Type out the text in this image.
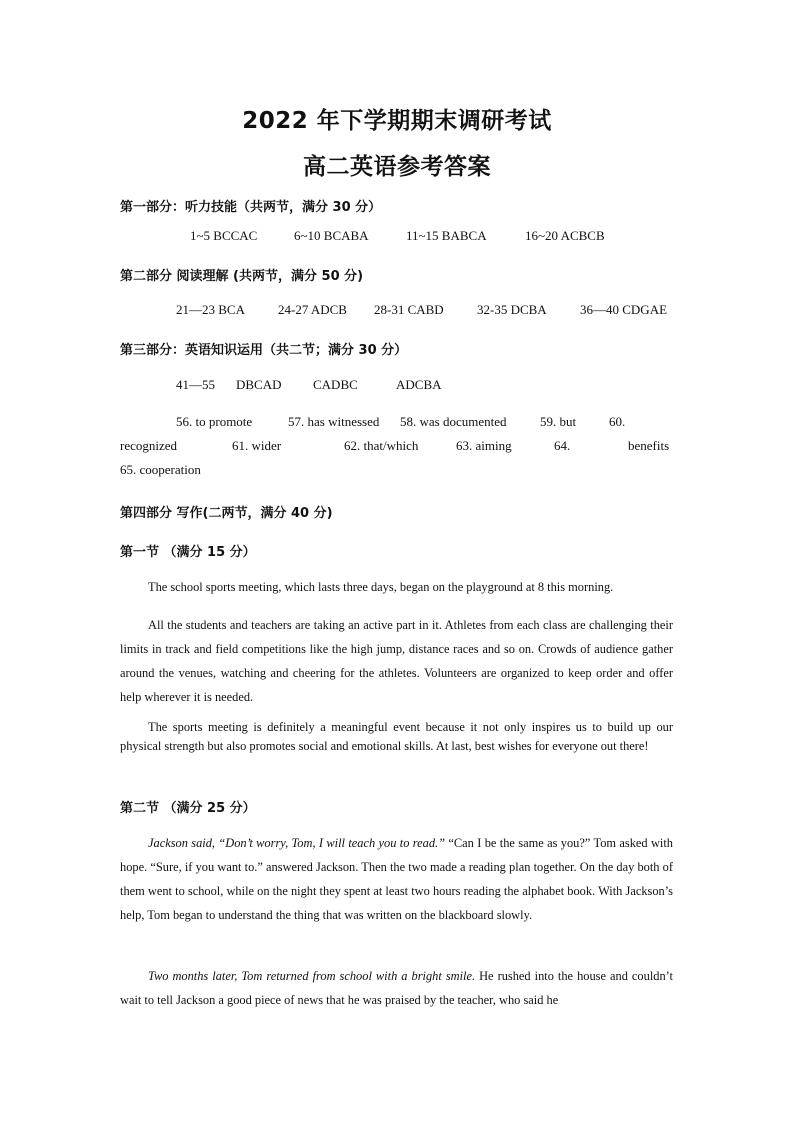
2022 年下学期期末调研考试
高二英语参考答案
第一部分：听力技能（共两节，满分 30 分）
1~5 BCCAC	6~10 BCABA	11~15 BABCA	16~20 ACBCB
第二部分 阅读理解 (共两节，满分 50 分)
21—23 BCA	24-27 ADCB 28-31 CABD	32-35 DCBA	36—40 CDGAE
第三部分：英语知识运用（共二节；满分 30 分）
41—55 DBCAD CADBC	ADCBA
56. to promote	57. has witnessed 58. was documented	59. but	60.
recognized	61. wider	62. that/which	63. aiming	64.	benefits
65. cooperation
第四部分 写作(二两节，满分 40 分)
第一节 （满分 15 分）
The school sports meeting, which lasts three days, began on the playground at 8 this morning.
All the students and teachers are taking an active part in it. Athletes from each class are challenging their limits in track and field competitions like the high jump, distance races and so on. Crowds of audience gather around the venues, watching and cheering for the athletes. Volunteers are organized to keep order and offer help wherever it is needed.
The sports meeting is definitely a meaningful event because it not only inspires us to build up our physical strength but also promotes social and emotional skills. At last, best wishes for everyone out there!
第二节 （满分 25 分）
Jackson said, “Don’t worry, Tom, I will teach you to read.” “Can I be the same as you?” Tom asked with hope. “Sure, if you want to.” answered Jackson. Then the two made a reading plan together. On the day both of them went to school, while on the night they spent at least two hours reading the alphabet book. With Jackson’s help, Tom began to understand the thing that was written on the blackboard slowly.
Two months later, Tom returned from school with a bright smile. He rushed into the house and couldn’t wait to tell Jackson a good piece of news that he was praised by the teacher, who said he
